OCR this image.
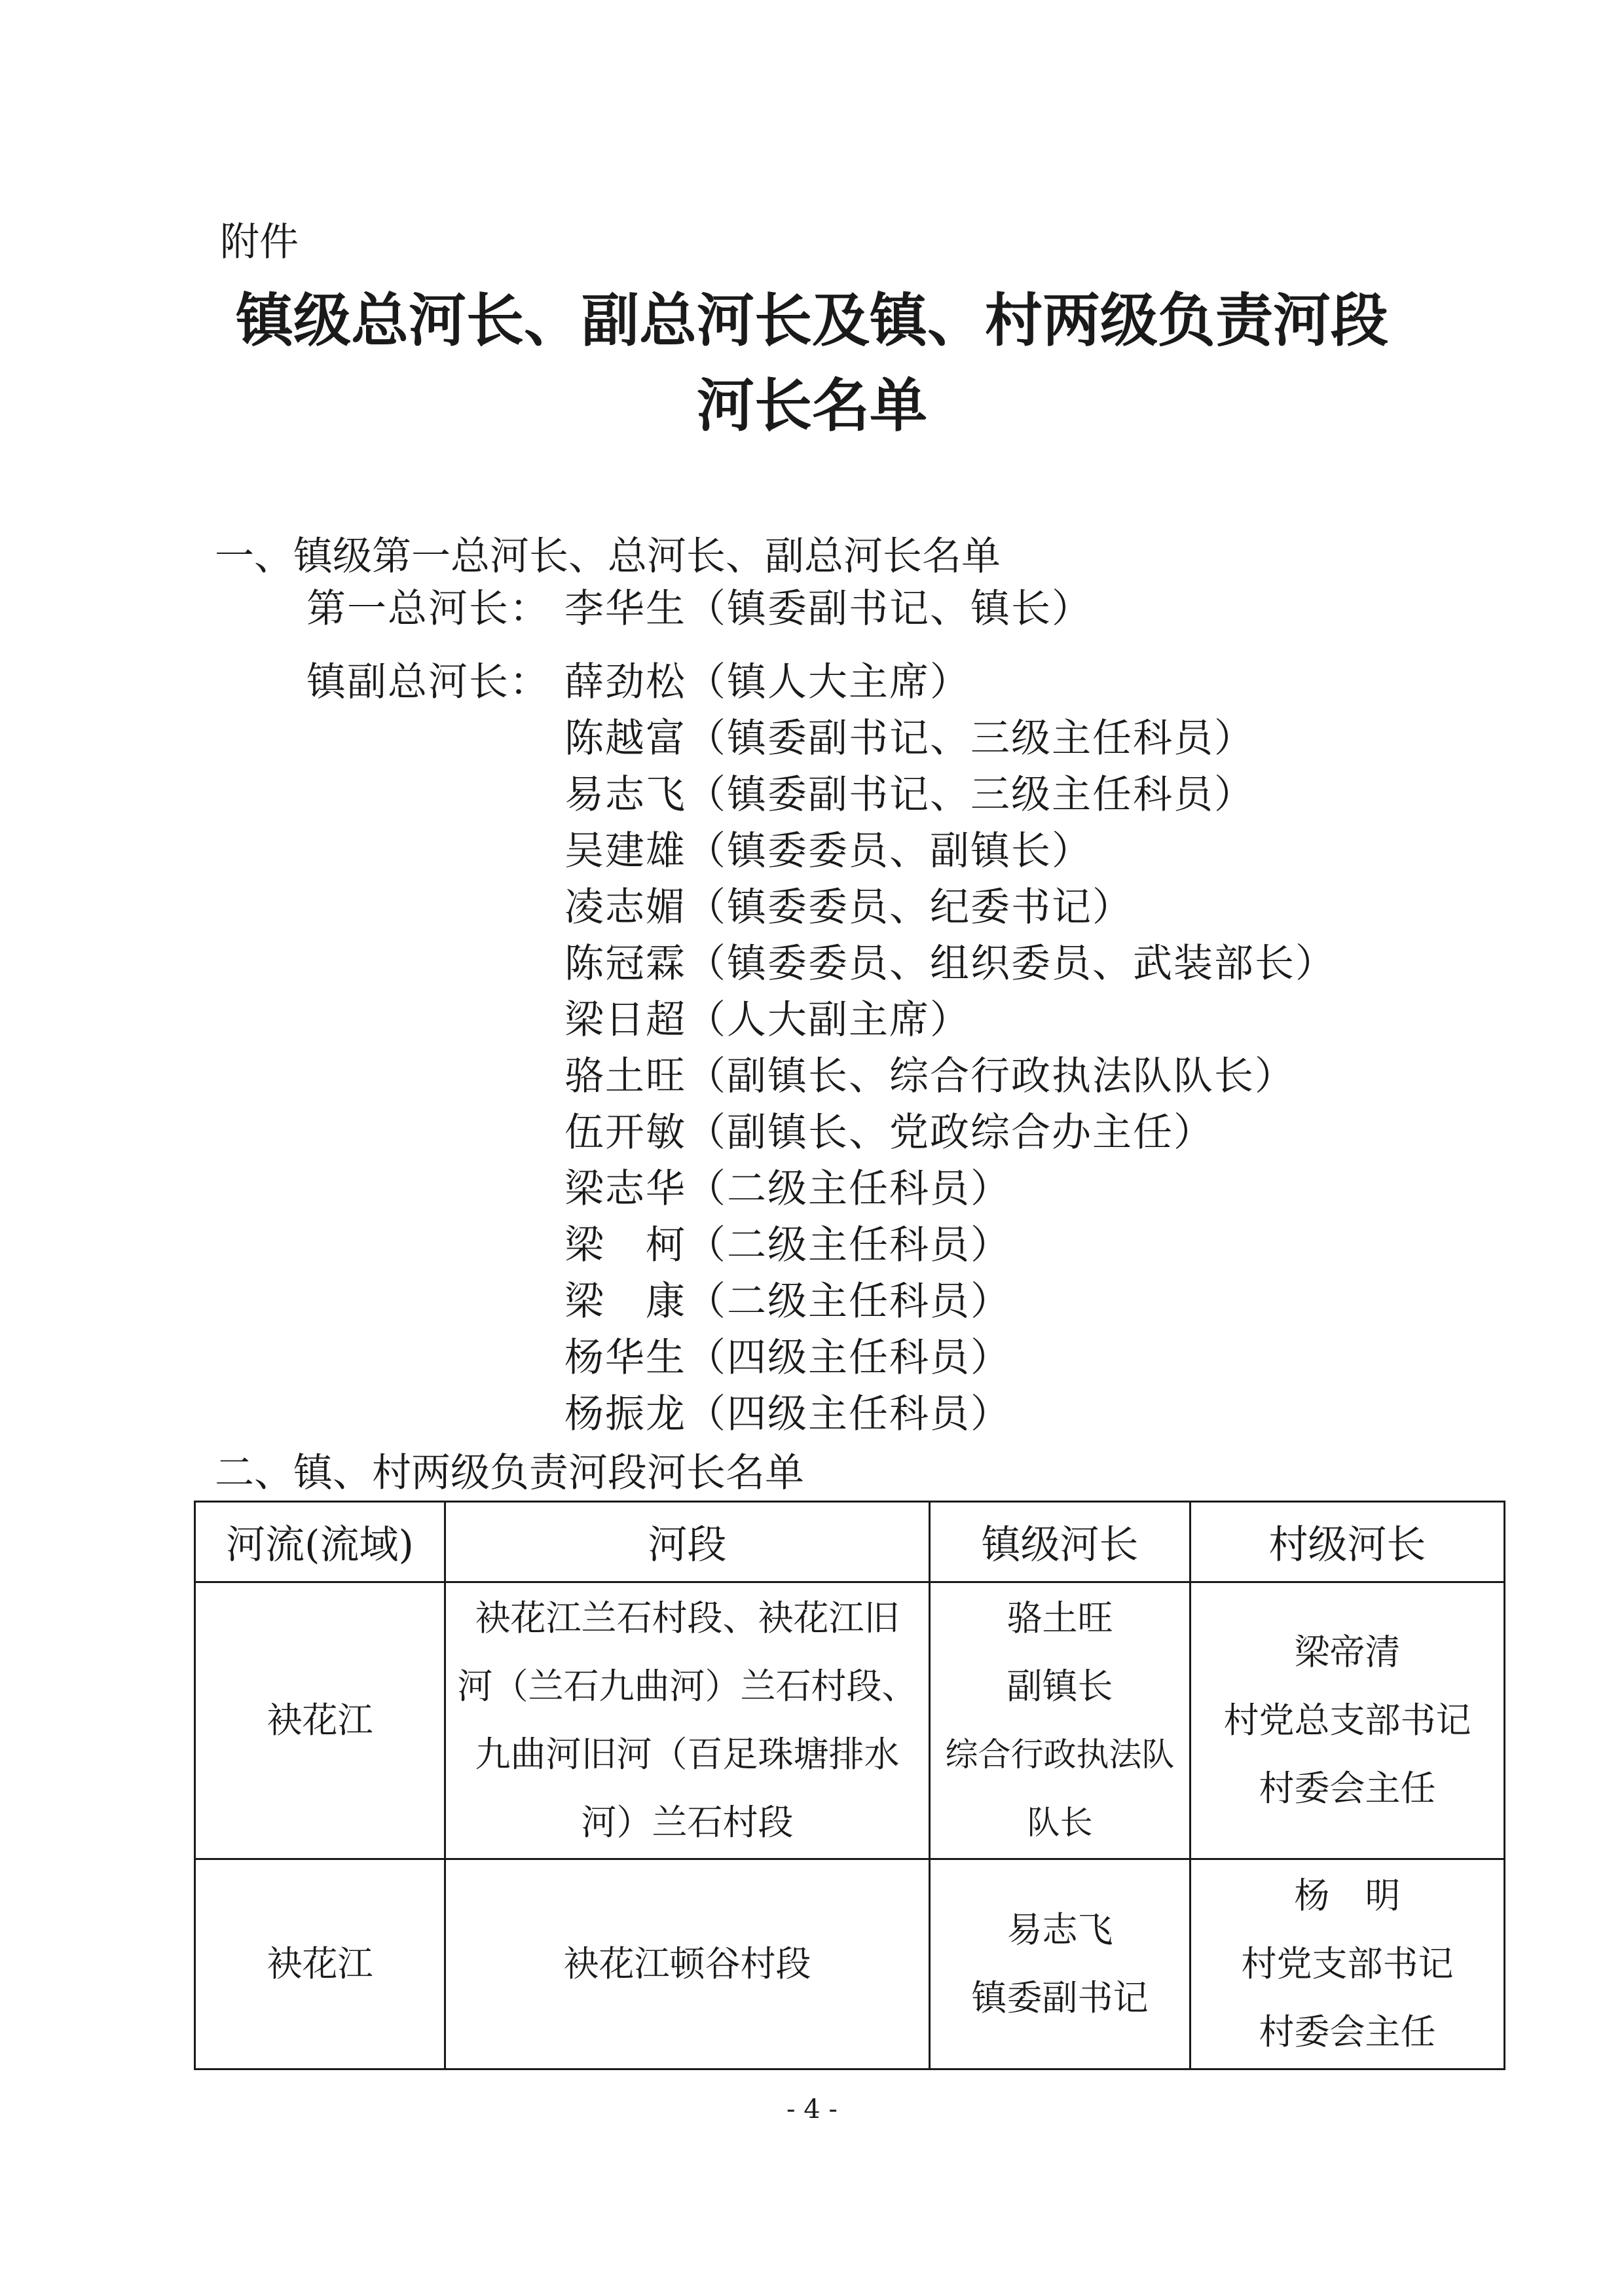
附件
镇级总河长、副总河长及镇、村两级负责河段
河长名单
一、镇级第一总河长、总河长、副总河长名单
第一总河长： 李华生（镇委副书记、镇长）
镇副总河长： 薛劲松（镇人大主席）
陈越富（镇委副书记、三级主任科员）
易志飞（镇委副书记、三级主任科员）
吴建雄（镇委委员、副镇长）
凌志媚（镇委委员、纪委书记）
陈冠霖（镇委委员、组织委员、武装部长）
梁日超（人大副主席）
骆土旺（副镇长、综合行政执法队队长）
伍开敏（副镇长、党政综合办主任）
梁志华（二级主任科员）
梁　柯（二级主任科员）
梁　康（二级主任科员）
杨华生（四级主任科员）
杨振龙（四级主任科员）
二、镇、村两级负责河段河长名单
河流(流域)	河段	镇级河长	村级河长
袂花江	袂花江兰石村段、袂花江旧
河（兰石九曲河）兰石村段、
九曲河旧河（百足珠塘排水
河）兰石村段	骆土旺
副镇长
综合行政执法队
队长	梁帝清
村党总支部书记
村委会主任

袂花江	袂花江顿谷村段	易志飞
镇委副书记	杨　明
村党支部书记
村委会主任
- 4 -
